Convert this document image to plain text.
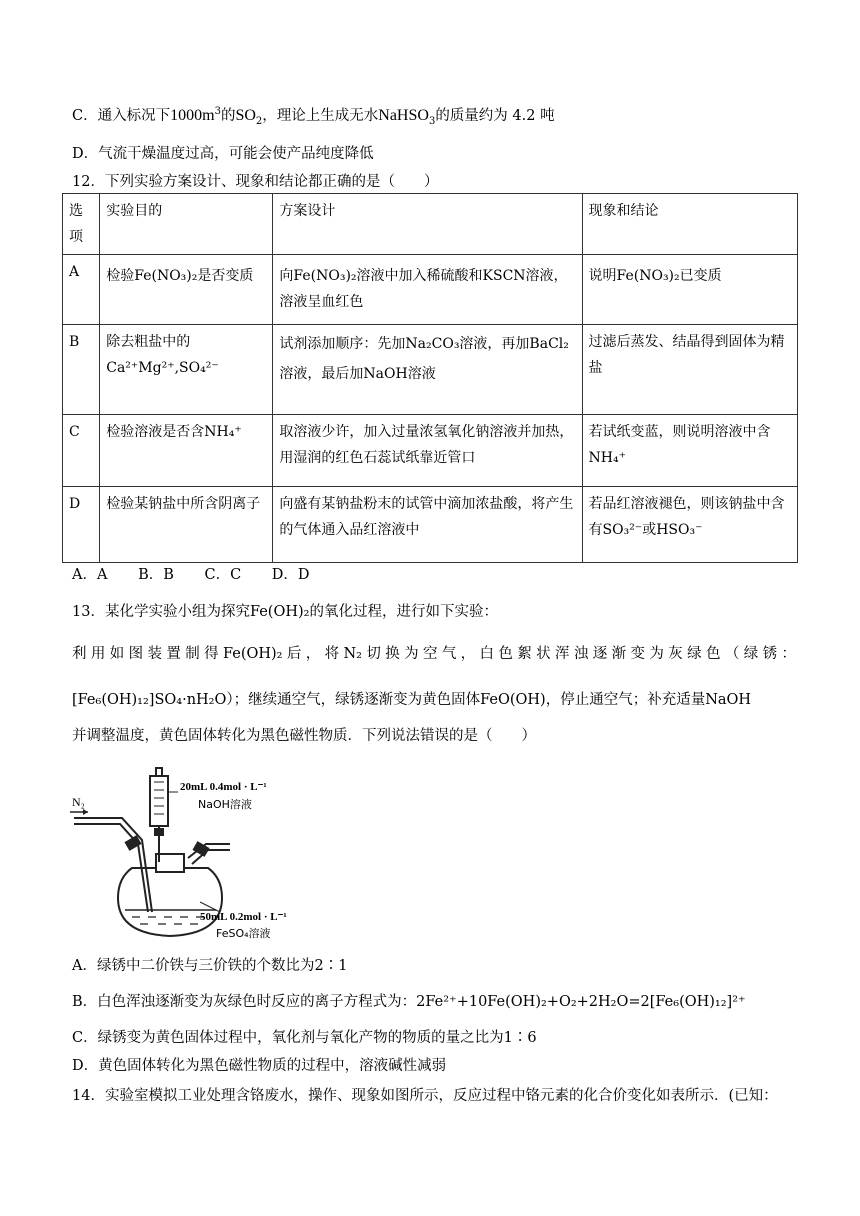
C．通入标况下$1000m^3$的$SO_2$，理论上生成无水NaHSO$_3$的质量约为 4.2 吨
D．气流干燥温度过高，可能会使产品纯度降低
12．下列实验方案设计、现象和结论都正确的是（　　）
选项	实验目的	方案设计	现象和结论
A	检验Fe(NO₃)₂是否变质	向Fe(NO₃)₂溶液中加入稀硫酸和KSCN溶液，溶液呈血红色	说明Fe(NO₃)₂已变质
B	除去粗盐中的Ca²⁺Mg²⁺,SO₄²⁻	试剂添加顺序：先加Na₂CO₃溶液，再加BaCl₂溶液，最后加NaOH溶液	过滤后蒸发、结晶得到固体为精盐
C	检验溶液是否含NH₄⁺	取溶液少许，加入过量浓氢氧化钠溶液并加热，用湿润的红色石蕊试纸靠近管口	若试纸变蓝，则说明溶液中含NH₄⁺
D	检验某钠盐中所含阴离子	向盛有某钠盐粉末的试管中滴加浓盐酸，将产生的气体通入品红溶液中	若品红溶液褪色，则该钠盐中含有SO₃²⁻或HSO₃⁻
A．A B．B C．C D．D
13．某化学实验小组为探究Fe(OH)₂的氧化过程，进行如下实验：
利用如图装置制得Fe(OH)₂后，将N₂切换为空气，白色絮状浑浊逐渐变为灰绿色（绿锈：
[Fe₆(OH)₁₂]SO₄·nH₂O）；继续通空气，绿锈逐渐变为黄色固体FeO(OH)，停止通空气；补充适量NaOH
并调整温度，黄色固体转化为黑色磁性物质．下列说法错误的是（　　）
N₂
20mL 0.4mol · L⁻¹
NaOH溶液
50mL 0.2mol · L⁻¹
FeSO₄溶液
A．绿锈中二价铁与三价铁的个数比为2∶1
B．白色浑浊逐渐变为灰绿色时反应的离子方程式为：2Fe²⁺+10Fe(OH)₂+O₂+2H₂O=2[Fe₆(OH)₁₂]²⁺
C．绿锈变为黄色固体过程中，氧化剂与氧化产物的物质的量之比为1∶6
D．黄色固体转化为黑色磁性物质的过程中，溶液碱性减弱
14．实验室模拟工业处理含铬废水，操作、现象如图所示，反应过程中铬元素的化合价变化如表所示．(已知：
